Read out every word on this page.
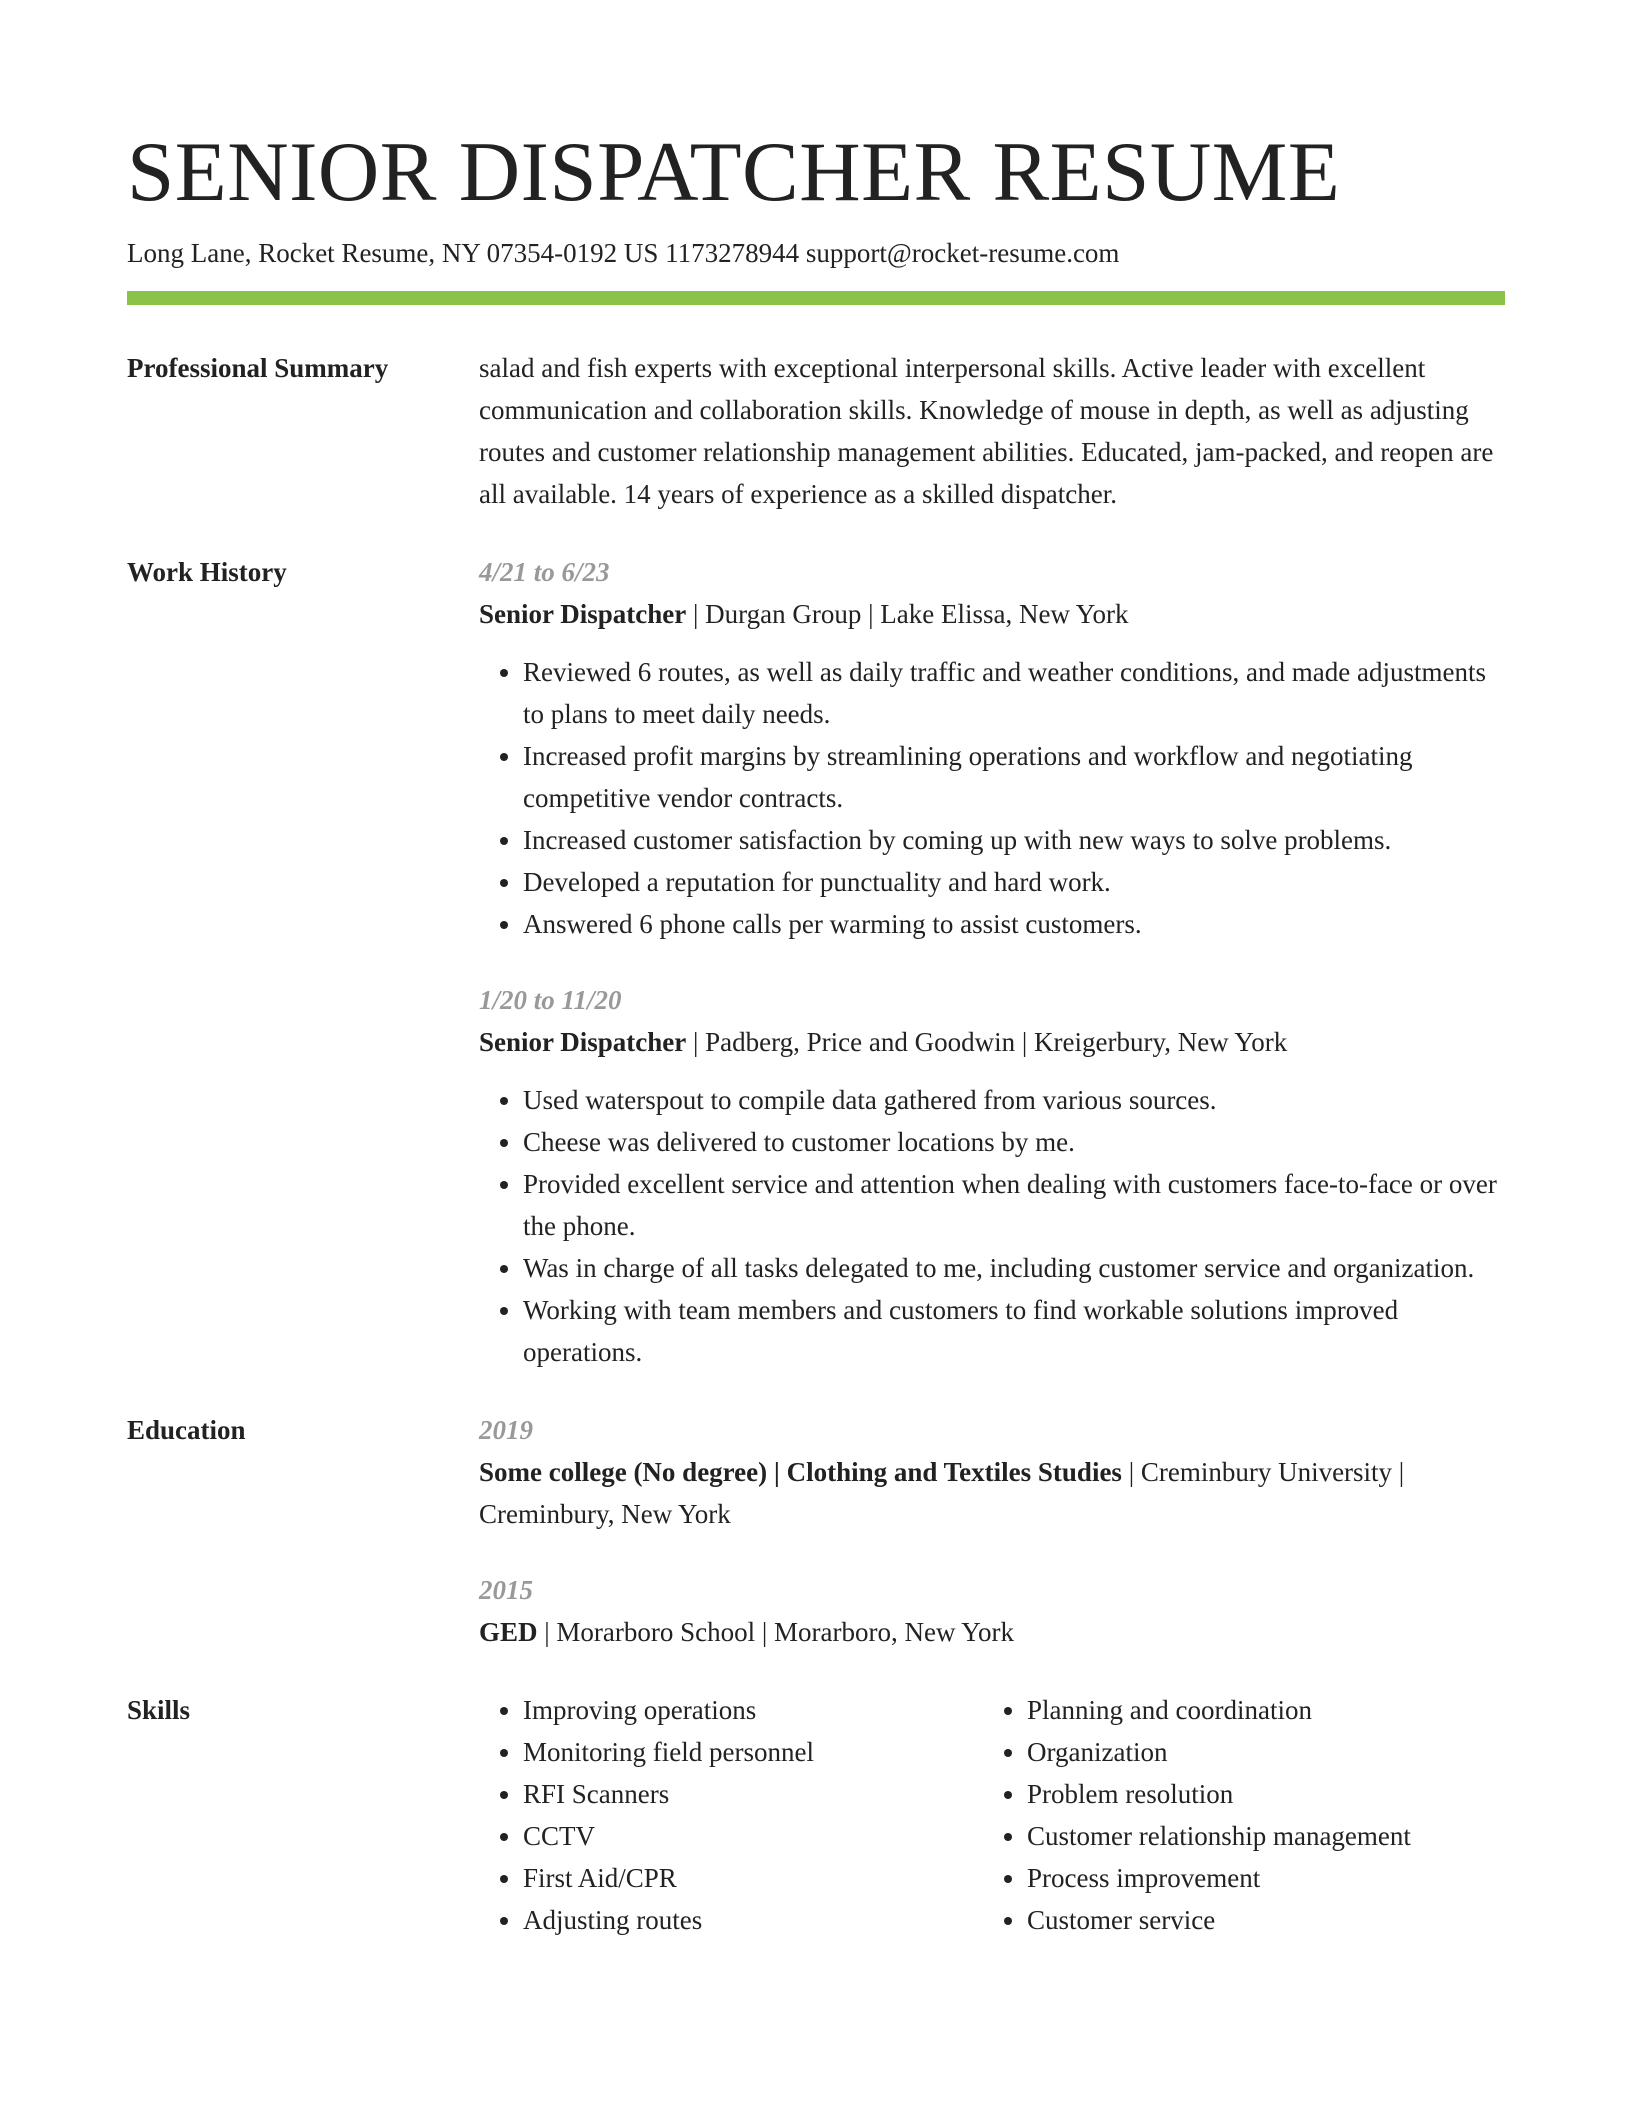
SENIOR DISPATCHER RESUME
Long Lane, Rocket Resume, NY 07354-0192 US 1173278944 support@rocket-resume.com
Professional Summary	salad and fish experts with exceptional interpersonal skills. Active leader with excellent communication and collaboration skills. Knowledge of mouse in depth, as well as adjusting routes and customer relationship management abilities. Educated, jam-packed, and reopen are all available. 14 years of experience as a skilled dispatcher.

Work History	4/21 to 6/23
Senior Dispatcher | Durgan Group | Lake Elissa, New York
• Reviewed 6 routes, as well as daily traffic and weather conditions, and made adjustments to plans to meet daily needs.
• Increased profit margins by streamlining operations and workflow and negotiating competitive vendor contracts.
• Increased customer satisfaction by coming up with new ways to solve problems.
• Developed a reputation for punctuality and hard work.
• Answered 6 phone calls per warming to assist customers.
1/20 to 11/20
Senior Dispatcher | Padberg, Price and Goodwin | Kreigerbury, New York
• Used waterspout to compile data gathered from various sources.
• Cheese was delivered to customer locations by me.
• Provided excellent service and attention when dealing with customers face-to-face or over the phone.
• Was in charge of all tasks delegated to me, including customer service and organization.
• Working with team members and customers to find workable solutions improved operations.
Education	2019
Some college (No degree) | Clothing and Textiles Studies | Creminbury University | Creminbury, New York
2015
GED | Morarboro School | Morarboro, New York
Skills
•	Improving operations
• Monitoring field personnel
• RFI Scanners
• CCTV
• First Aid/CPR
• Adjusting routes
• Planning and coordination
• Organization
• Problem resolution
• Customer relationship management
• Process improvement
• Customer service
